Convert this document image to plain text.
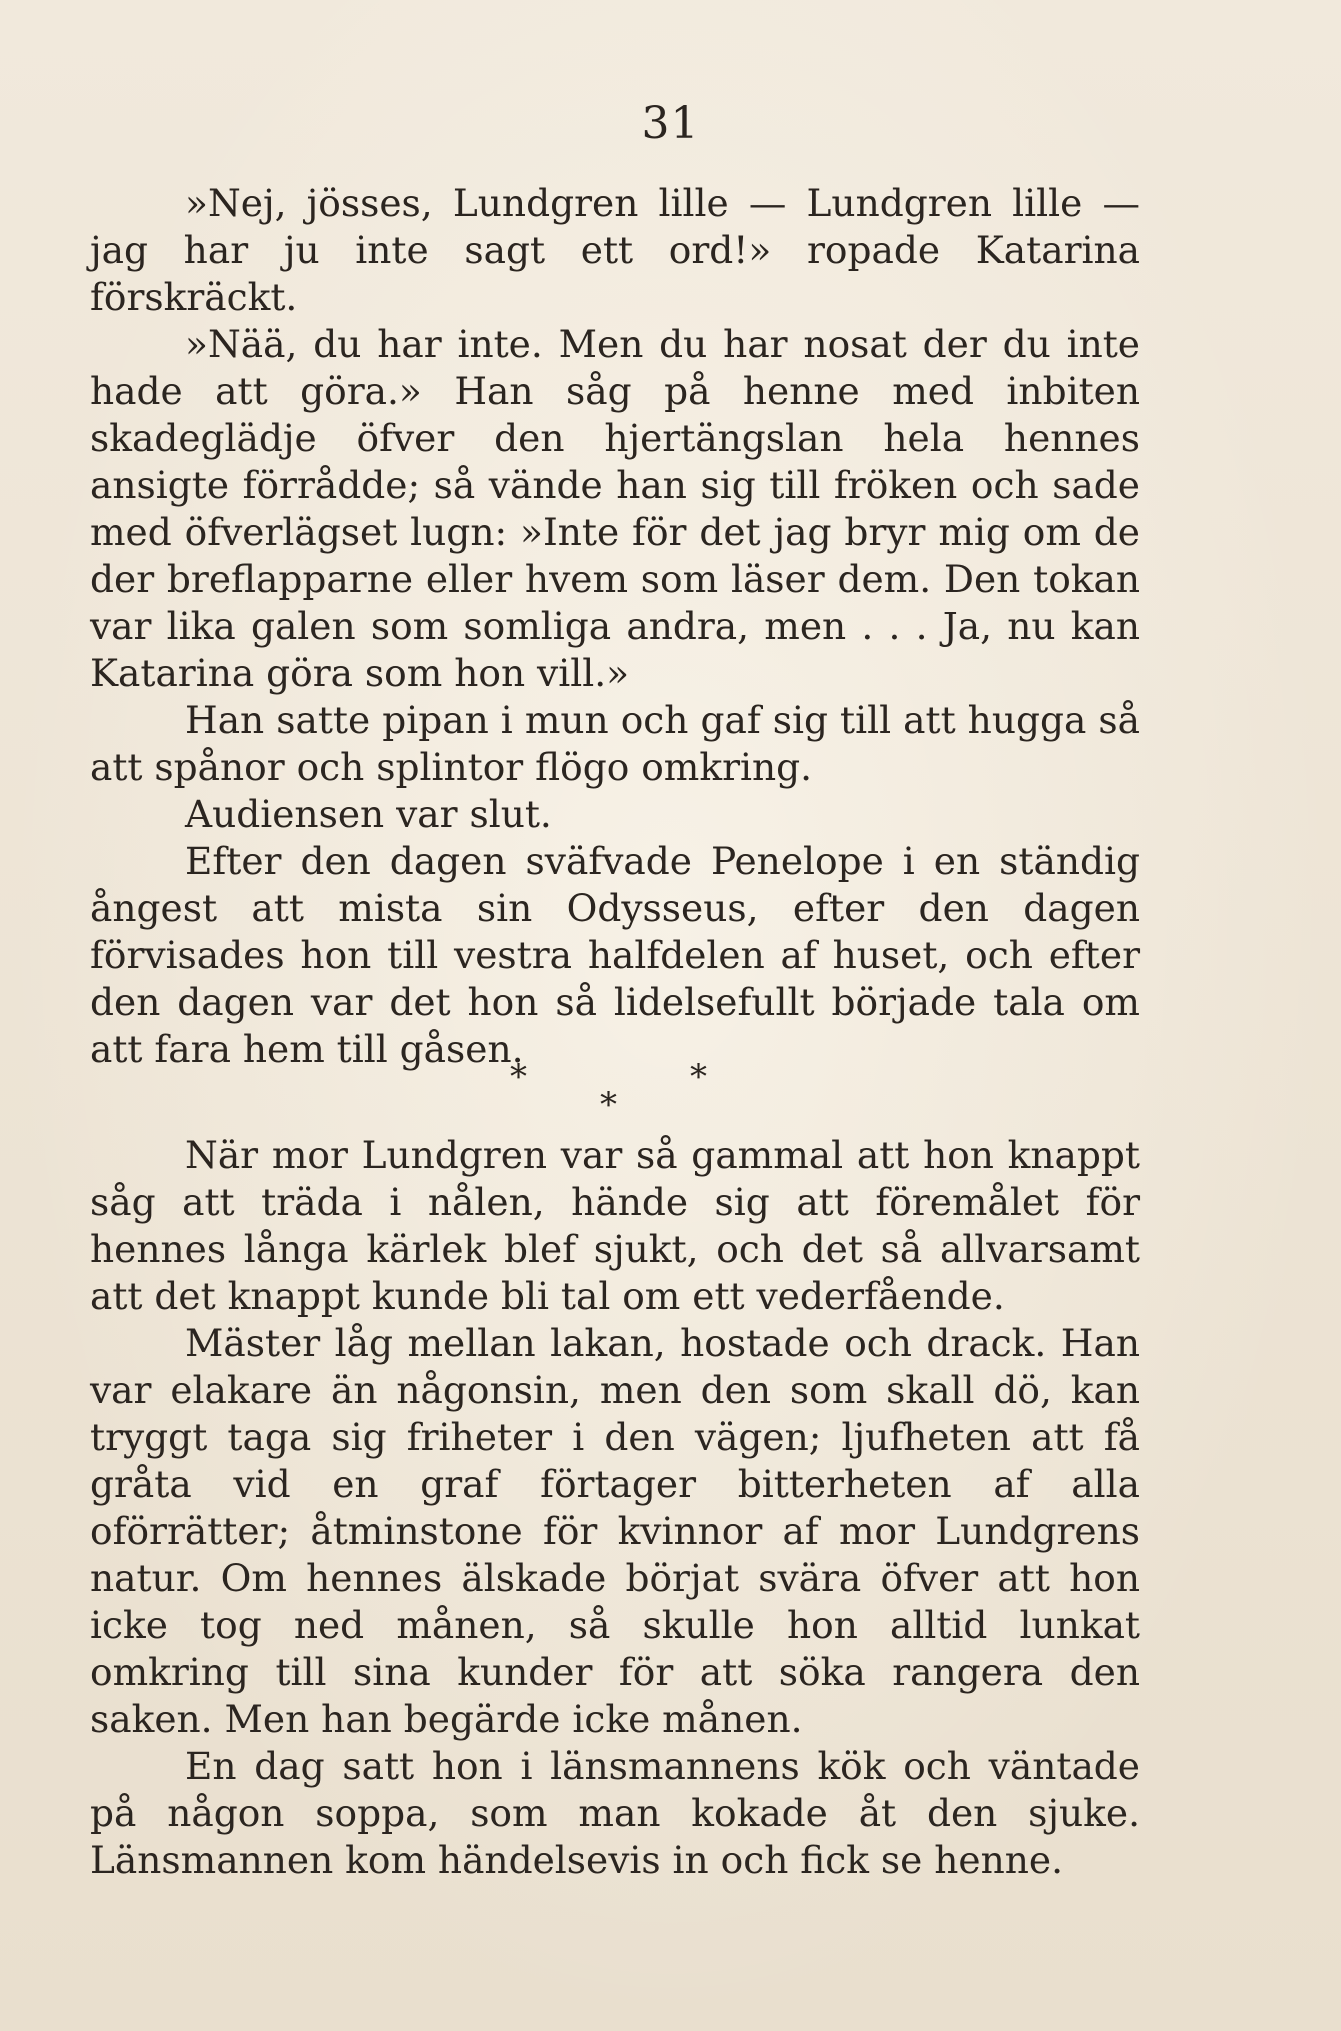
31

»Nej, jösses, Lundgren lille — Lundgren lille — jag har ju inte sagt ett ord!» ropade Katarina förskräckt.

»Nää, du har inte. Men du har nosat der du inte hade att göra.» Han såg på henne med inbiten skadeglädje öfver den hjertängslan hela hennes ansigte förrådde; så vände han sig till fröken och sade med öfverlägset lugn: »Inte för det jag bryr mig om de der breflapparne eller hvem som läser dem. Den tokan var lika galen som somliga andra, men . . . Ja, nu kan Katarina göra som hon vill.»

Han satte pipan i mun och gaf sig till att hugga så att spånor och splintor flögo omkring.

Audiensen var slut.

Efter den dagen sväfvade Penelope i en ständig ångest att mista sin Odysseus, efter den dagen förvisades hon till vestra halfdelen af huset, och efter den dagen var det hon så lidelsefullt började tala om att fara hem till gåsen.

*	*
*

När mor Lundgren var så gammal att hon knappt såg att träda i nålen, hände sig att föremålet för hennes långa kärlek blef sjukt, och det så allvarsamt att det knappt kunde bli tal om ett vederfående.

Mäster låg mellan lakan, hostade och drack. Han var elakare än någonsin, men den som skall dö, kan tryggt taga sig friheter i den vägen; ljufheten att få gråta vid en graf förtager bitterheten af alla oförrätter; åtminstone för kvinnor af mor Lundgrens natur. Om hennes älskade börjat svära öfver att hon icke tog ned månen, så skulle hon alltid lunkat omkring till sina kunder för att söka rangera den saken. Men han begärde icke månen.

En dag satt hon i länsmannens kök och väntade på någon soppa, som man kokade åt den sjuke. Länsmannen kom händelsevis in och fick se henne.
